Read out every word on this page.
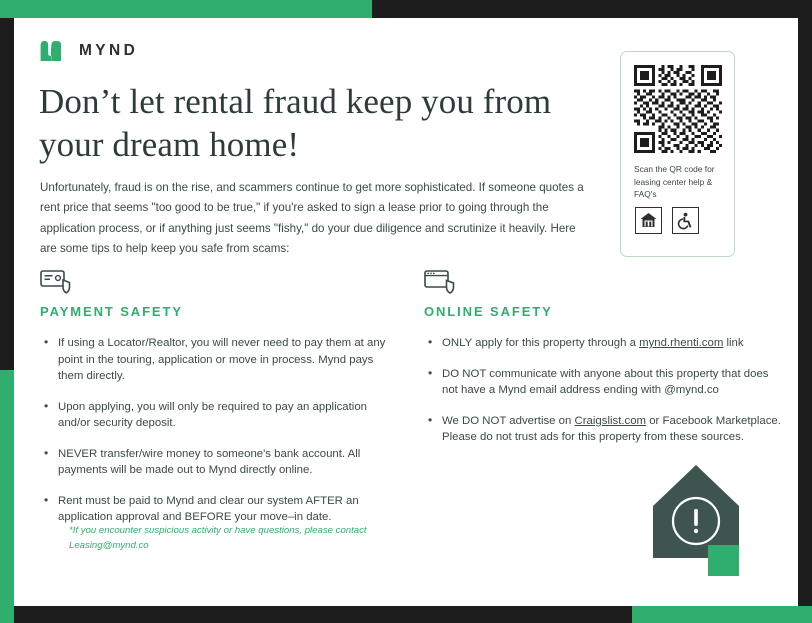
MYND
Don’t let rental fraud keep you from your dream home!
Unfortunately, fraud is on the rise, and scammers continue to get more sophisticated. If someone quotes a rent price that seems "too good to be true," if you're asked to sign a lease prior to going through the application process, or if anything just seems "fishy," do your due diligence and scrutinize it heavily. Here are some tips to help keep you safe from scams:
Scan the QR code for leasing center help & FAQ's
PAYMENT SAFETY
• If using a Locator/Realtor, you will never need to pay them at any point in the touring, application or move in process. Mynd pays them directly.
• Upon applying, you will only be required to pay an application and/or security deposit.
• NEVER transfer/wire money to someone's bank account. All payments will be made out to Mynd directly online.
• Rent must be paid to Mynd and clear our system AFTER an application approval and BEFORE your move–in date.
ONLINE SAFETY
• ONLY apply for this property through a mynd.rhenti.com link
• DO NOT communicate with anyone about this property that does not have a Mynd email address ending with @mynd.co
• We DO NOT advertise on Craigslist.com or Facebook Marketplace. Please do not trust ads for this property from these sources.
*If you encounter suspicious activity or have questions, please contact Leasing@mynd.co
